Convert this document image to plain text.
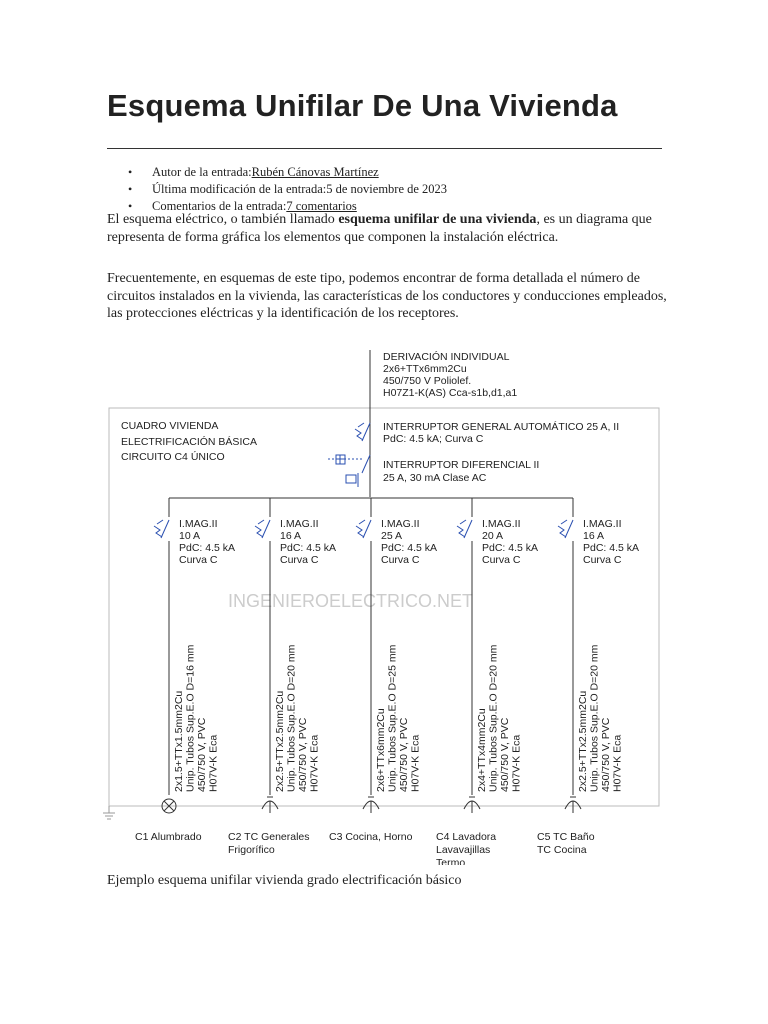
Esquema Unifilar De Una Vivienda
• Autor de la entrada:Rubén Cánovas Martínez
• Última modificación de la entrada:5 de noviembre de 2023
• Comentarios de la entrada:7 comentarios

El esquema eléctrico, o también llamado esquema unifilar de una vivienda, es un diagrama que representa de forma gráfica los elementos que componen la instalación eléctrica.

Frecuentemente, en esquemas de este tipo, podemos encontrar de forma detallada el número de circuitos instalados en la vivienda, las características de los conductores y conducciones empleados, las protecciones eléctricas y la identificación de los receptores.

DERIVACIÓN INDIVIDUAL 2x6+TTx6mm2Cu 450/750 V Poliolef. H07Z1-K(AS) Cca-s1b,d1,a1
CUADRO VIVIENDA ELECTRIFICACIÓN BÁSICA CIRCUITO C4 ÚNICO
INTERRUPTOR GENERAL AUTOMÁTICO 25 A, II PdC: 4.5 kA; Curva C
INTERRUPTOR DIFERENCIAL II 25 A, 30 mA Clase AC
INGENIEROELECTRICO.NET
I.MAG.II 10 A PdC: 4.5 kA Curva C
2x1.5+TTx1.5mm2CuUnip. Tubos Sup.E.O D=16 mm450/750 V, PVCH07V-K Eca
C1 Alumbrado
I.MAG.II 16 A PdC: 4.5 kA Curva C
2x2.5+TTx2.5mm2CuUnip. Tubos Sup.E.O D=20 mm450/750 V, PVCH07V-K Eca
C2 TC Generales Frigorífico
I.MAG.II 25 A PdC: 4.5 kA Curva C
2x6+TTx6mm2CuUnip. Tubos Sup.E.O D=25 mm450/750 V, PVCH07V-K Eca
C3 Cocina, Horno
I.MAG.II 20 A PdC: 4.5 kA Curva C
2x4+TTx4mm2CuUnip. Tubos Sup.E.O D=20 mm450/750 V, PVCH07V-K Eca
C4 Lavadora Lavavajillas Termo
I.MAG.II 16 A PdC: 4.5 kA Curva C
2x2.5+TTx2.5mm2CuUnip. Tubos Sup.E.O D=20 mm450/750 V, PVCH07V-K Eca
C5 TC Baño TC Cocina

Ejemplo esquema unifilar vivienda grado electrificación básico
